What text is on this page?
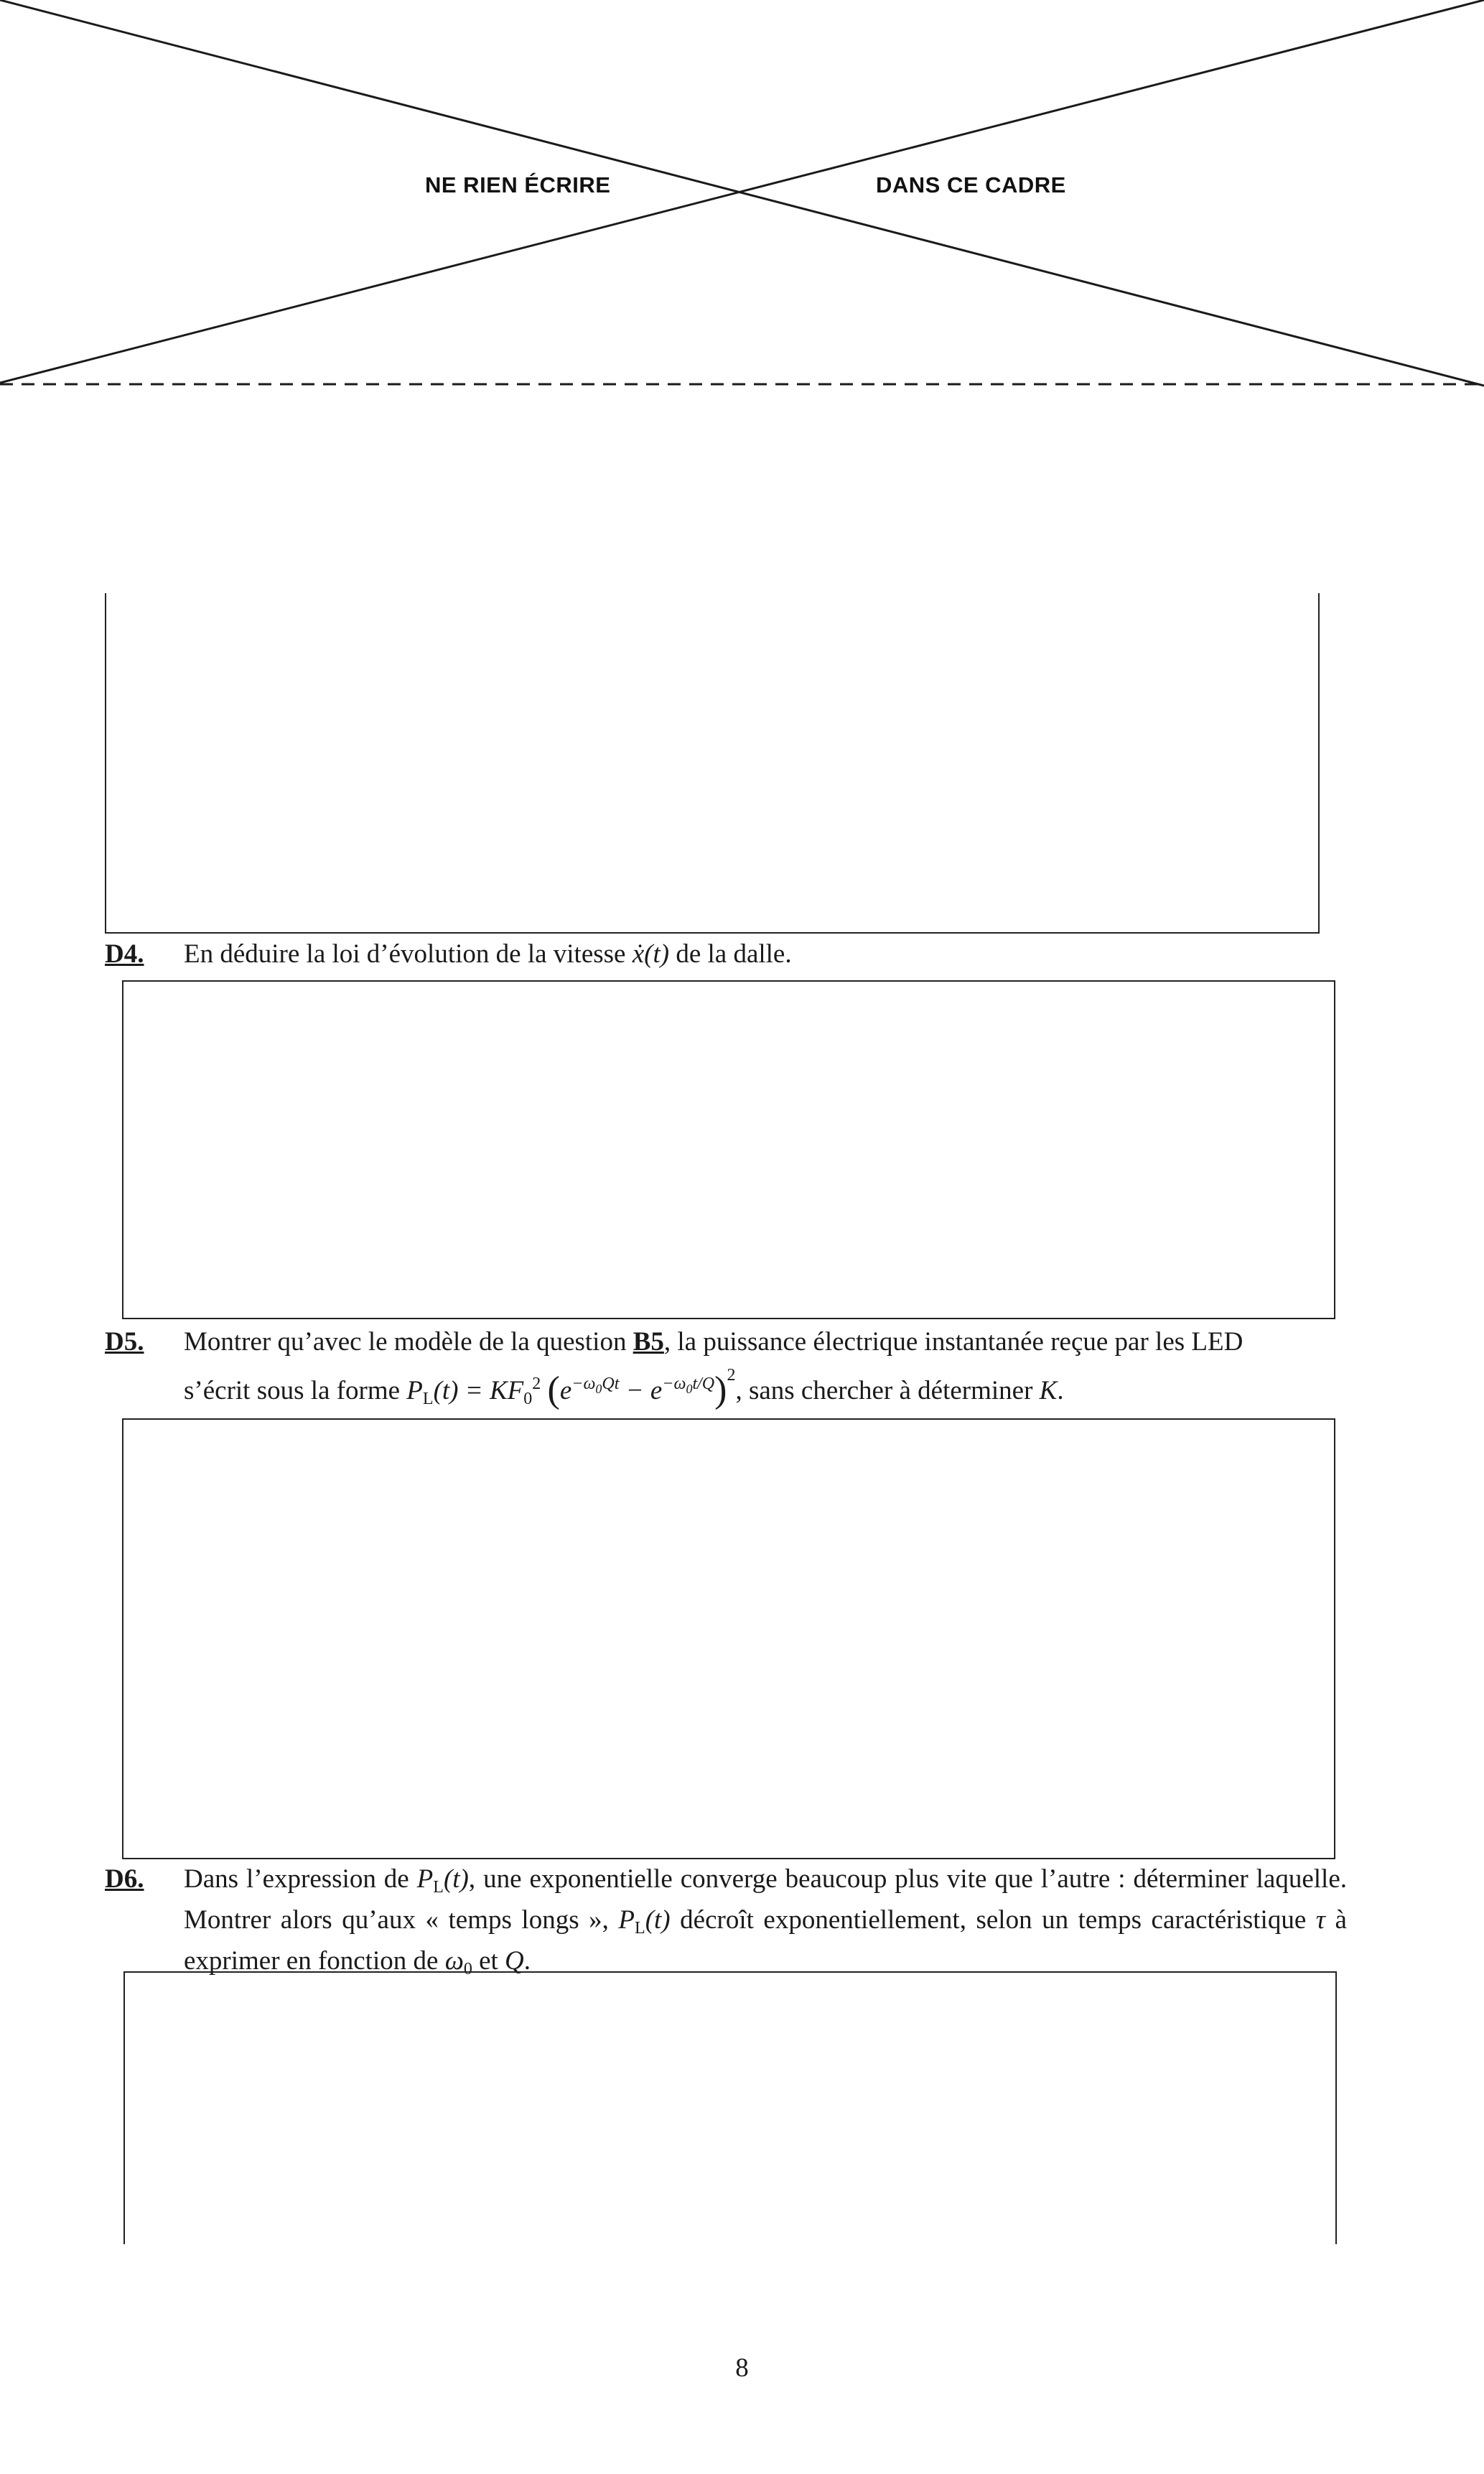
NE RIEN ÉCRIRE	DANS CE CADRE
D4. En déduire la loi d’évolution de la vitesse ẋ(t) de la dalle.
D5. Montrer qu’avec le modèle de la question B5, la puissance électrique instantanée reçue par les LED
s’écrit sous la forme $PL(t) = KF0^2$ $(e^{-\omega_0Qt} - e^{-\omega_0t/Q})^2$, sans chercher à déterminer K.
D6. Dans l’expression de PL(t), une exponentielle converge beaucoup plus vite que l’autre : déterminer laquelle. Montrer alors qu’aux « temps longs », PL(t) décroît exponentiellement, selon un temps caractéristique τ à exprimer en fonction de ω0 et Q.
8
